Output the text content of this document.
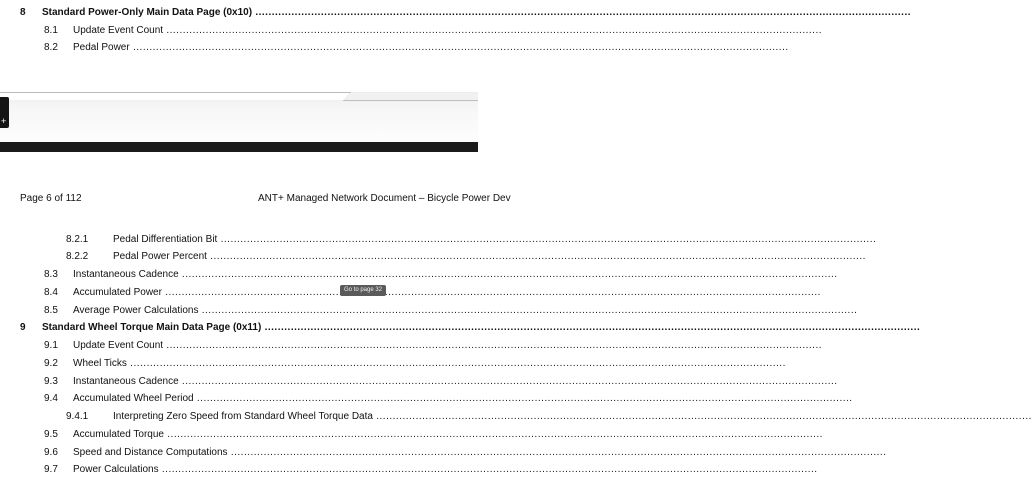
8 Standard Power-Only Main Data Page (0x10) .....
8.1 Update Event Count .....
8.2 Pedal Power .....
+
Page 6 of 112	ANT+ Managed Network Document – Bicycle Power Dev
8.2.1 Pedal Differentiation Bit .....
8.2.2 Pedal Power Percent .....
8.3 Instantaneous Cadence .....
8.4 Accumulated Power .....
8.5 Average Power Calculations .....
9 Standard Wheel Torque Main Data Page (0x11) .....
9.1 Update Event Count .....
9.2 Wheel Ticks .....
9.3 Instantaneous Cadence .....
9.4 Accumulated Wheel Period .....
9.4.1 Interpreting Zero Speed from Standard Wheel Torque Data .....
9.5 Accumulated Torque .....
9.6 Speed and Distance Computations .....
9.7 Power Calculations .....
Go to page 32
